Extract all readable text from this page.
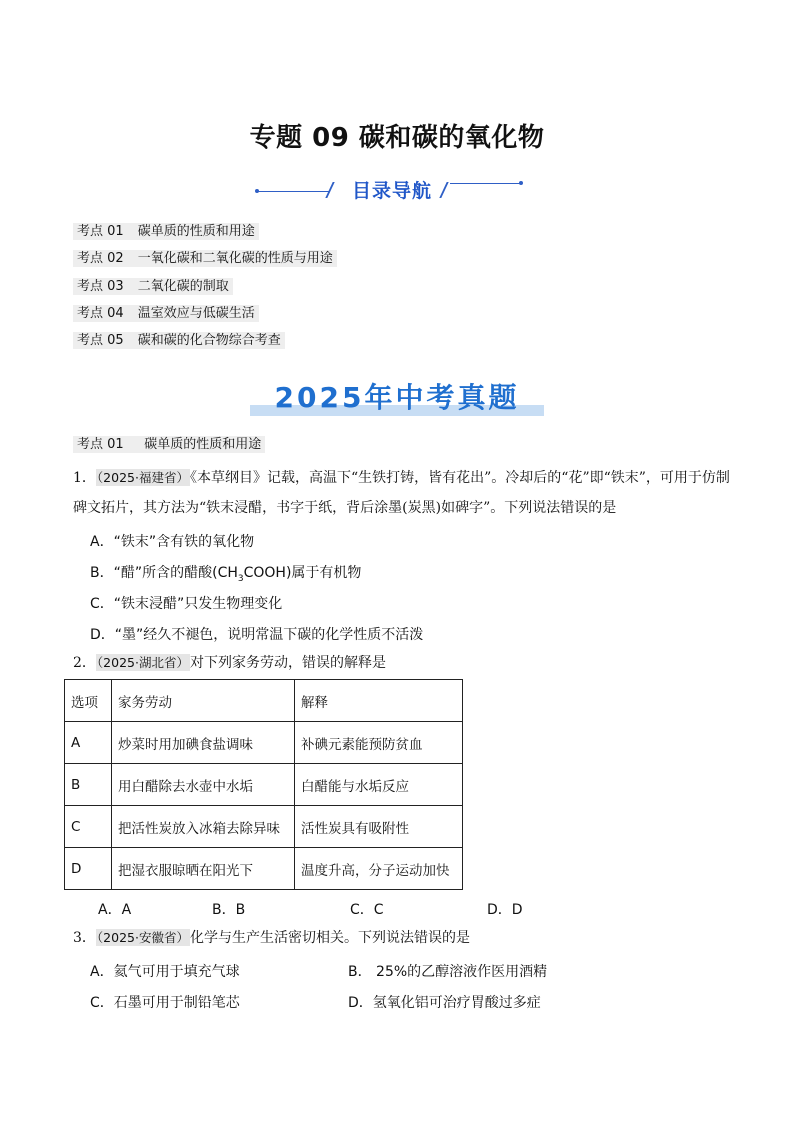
专题 09 碳和碳的氧化物
目录导航
考点 01 碳单质的性质和用途
考点 02 一氧化碳和二氧化碳的性质与用途
考点 03 二氧化碳的制取
考点 04 温室效应与低碳生活
考点 05 碳和碳的化合物综合考查
2025年中考真题
考点 01 碳单质的性质和用途
1．（2025·福建省）《本草纲目》记载，高温下“生铁打铸，皆有花出”。冷却后的“花”即“铁末”，可用于仿制
碑文拓片，其方法为“铁末浸醋，书字于纸，背后涂墨(炭黑)如碑字”。下列说法错误的是
A．“铁末”含有铁的氧化物
B．“醋”所含的醋酸$(CH_3COOH)$属于有机物
C．“铁末浸醋”只发生物理变化
D．“墨”经久不褪色，说明常温下碳的化学性质不活泼
2．（2025·湖北省）对下列家务劳动，错误的解释是
选项	家务劳动	解释
A	炒菜时用加碘食盐调味	补碘元素能预防贫血
B	用白醋除去水壶中水垢	白醋能与水垢反应
C	把活性炭放入冰箱去除异味	活性炭具有吸附性
D	把湿衣服晾晒在阳光下	温度升高，分子运动加快
A．A	B．B	C．C	D．D
3．（2025·安徽省）化学与生产生活密切相关。下列说法错误的是
A．氦气可用于填充气球	B． 25%的乙醇溶液作医用酒精
C．石墨可用于制铅笔芯	D．氢氧化铝可治疗胃酸过多症
